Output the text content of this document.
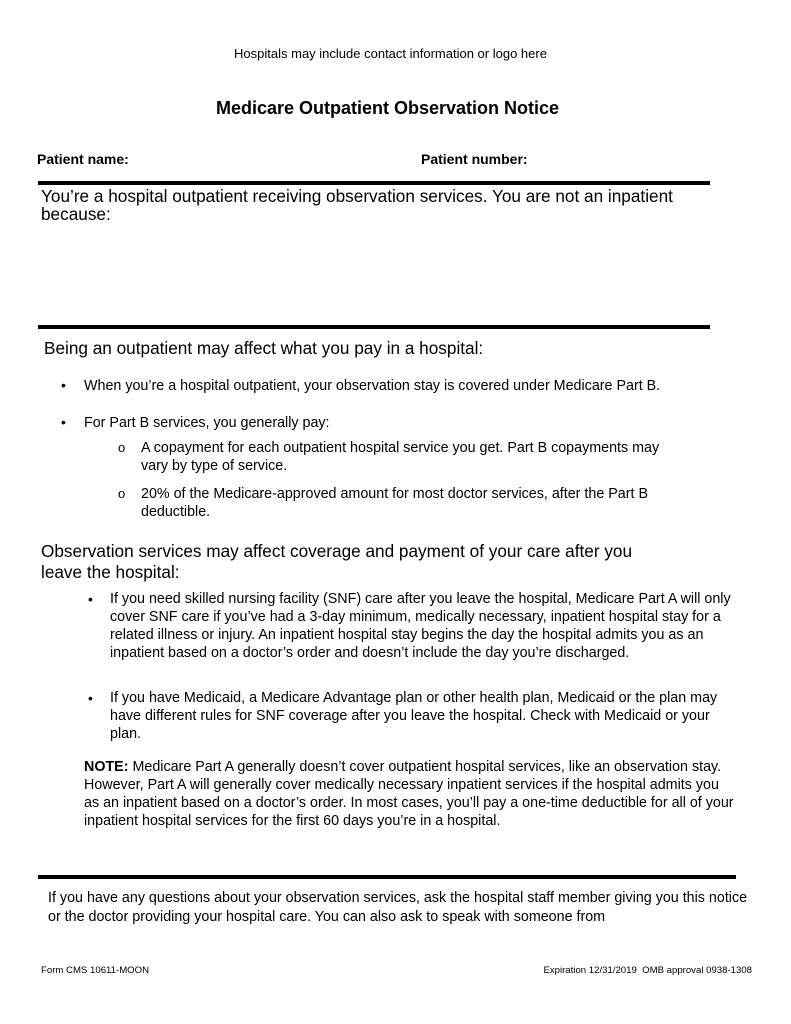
Hospitals may include contact information or logo here
Medicare Outpatient Observation Notice
Patient name:	Patient number:
You’re a hospital outpatient receiving observation services. You are not an inpatient because:
Being an outpatient may affect what you pay in a hospital:
• When you’re a hospital outpatient, your observation stay is covered under Medicare Part B.
• For Part B services, you generally pay:
o A copayment for each outpatient hospital service you get. Part B copayments may
vary by type of service.
o 20% of the Medicare-approved amount for most doctor services, after the Part B
deductible.
Observation services may affect coverage and payment of your care after you
leave the hospital:
• If you need skilled nursing facility (SNF) care after you leave the hospital, Medicare Part A will only cover SNF care if you’ve had a 3-day minimum, medically necessary, inpatient hospital stay for a related illness or injury. An inpatient hospital stay begins the day the hospital admits you as an inpatient based on a doctor’s order and doesn’t include the day you’re discharged.
• If you have Medicaid, a Medicare Advantage plan or other health plan, Medicaid or the plan may have different rules for SNF coverage after you leave the hospital. Check with Medicaid or your plan.
NOTE: Medicare Part A generally doesn’t cover outpatient hospital services, like an observation stay. However, Part A will generally cover medically necessary inpatient services if the hospital admits you as an inpatient based on a doctor’s order. In most cases, you’ll pay a one-time deductible for all of your inpatient hospital services for the first 60 days you’re in a hospital.
If you have any questions about your observation services, ask the hospital staff member giving you this notice or the doctor providing your hospital care. You can also ask to speak with someone from
Form CMS 10611-MOON	Expiration 12/31/2019  OMB approval 0938-1308
